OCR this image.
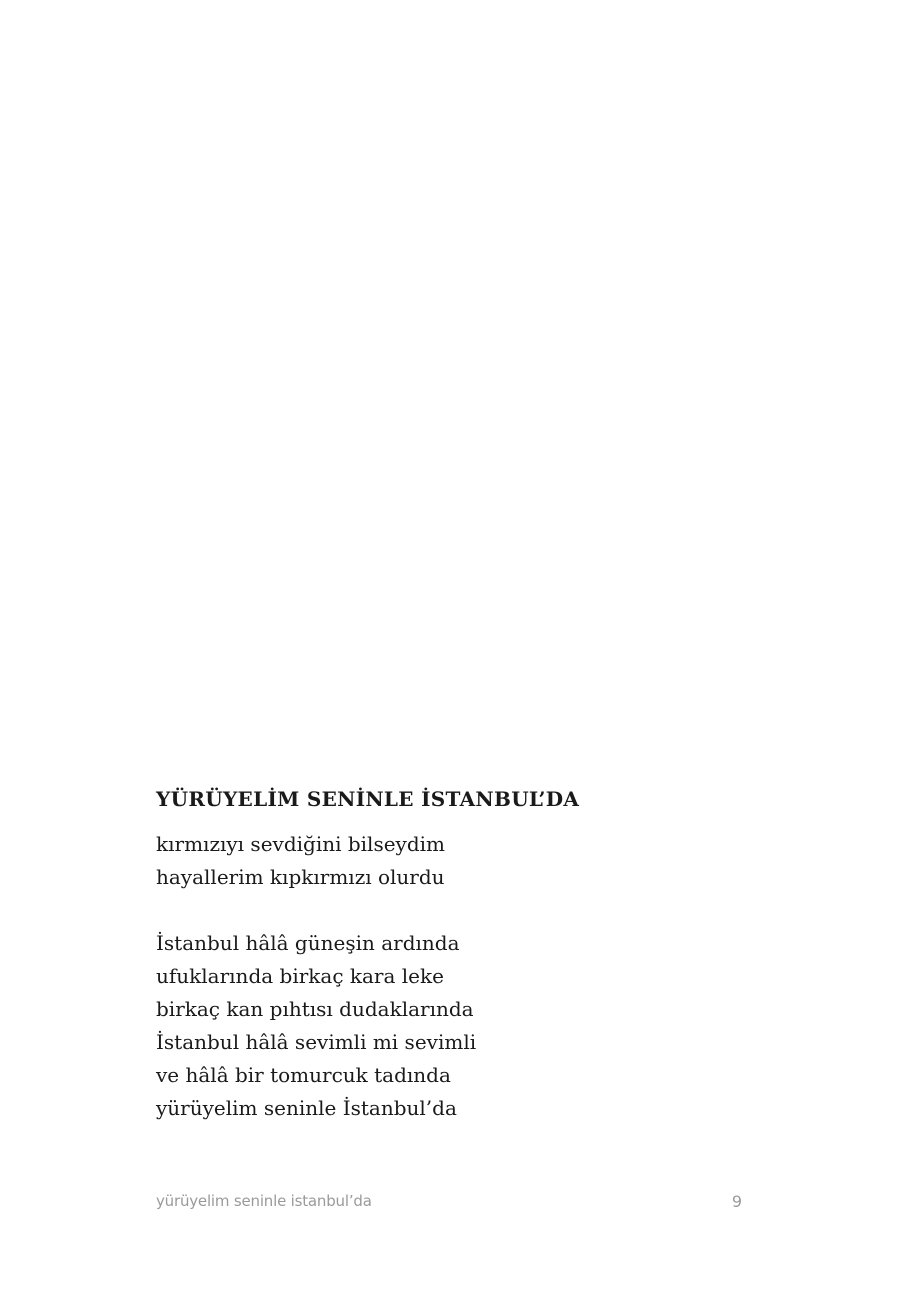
YÜRÜYELİM SENİNLE İSTANBUL’DA
kırmızıyı sevdiğini bilseydim
hayallerim kıpkırmızı olurdu
İstanbul hâlâ güneşin ardında
ufuklarında birkaç kara leke
birkaç kan pıhtısı dudaklarında
İstanbul hâlâ sevimli mi sevimli
ve hâlâ bir tomurcuk tadında
yürüyelim seninle İstanbul’da
yürüyelim seninle istanbul’da	9
